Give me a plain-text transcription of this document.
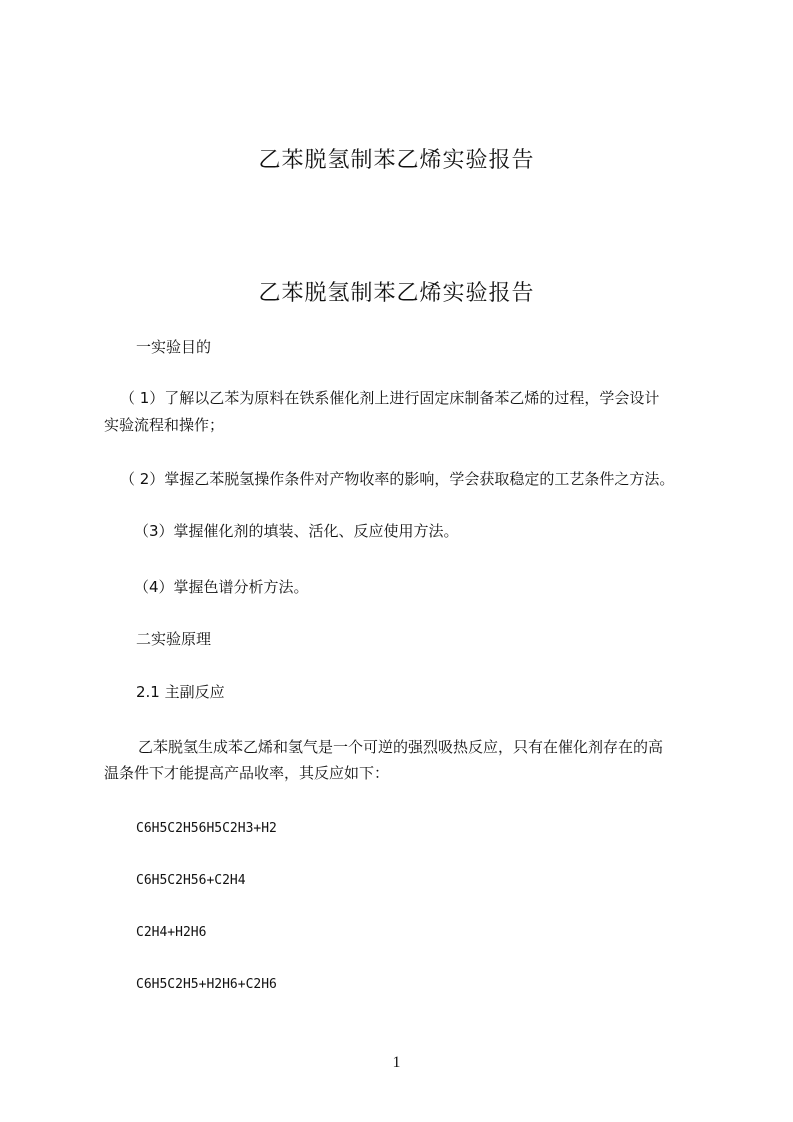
乙苯脱氢制苯乙烯实验报告
乙苯脱氢制苯乙烯实验报告
一实验目的
（ 1）了解以乙苯为原料在铁系催化剂上进行固定床制备苯乙烯的过程，学会设计
实验流程和操作；
（ 2）掌握乙苯脱氢操作条件对产物收率的影响，学会获取稳定的工艺条件之方法。
（3）掌握催化剂的填装、活化、反应使用方法。
（4）掌握色谱分析方法。
二实验原理
2.1 主副反应
乙苯脱氢生成苯乙烯和氢气是一个可逆的强烈吸热反应，只有在催化剂存在的高
温条件下才能提高产品收率，其反应如下：
C6H5C2H56H5C2H3+H2
C6H5C2H56+C2H4
C2H4+H2H6
C6H5C2H5+H2H6+C2H6
1
